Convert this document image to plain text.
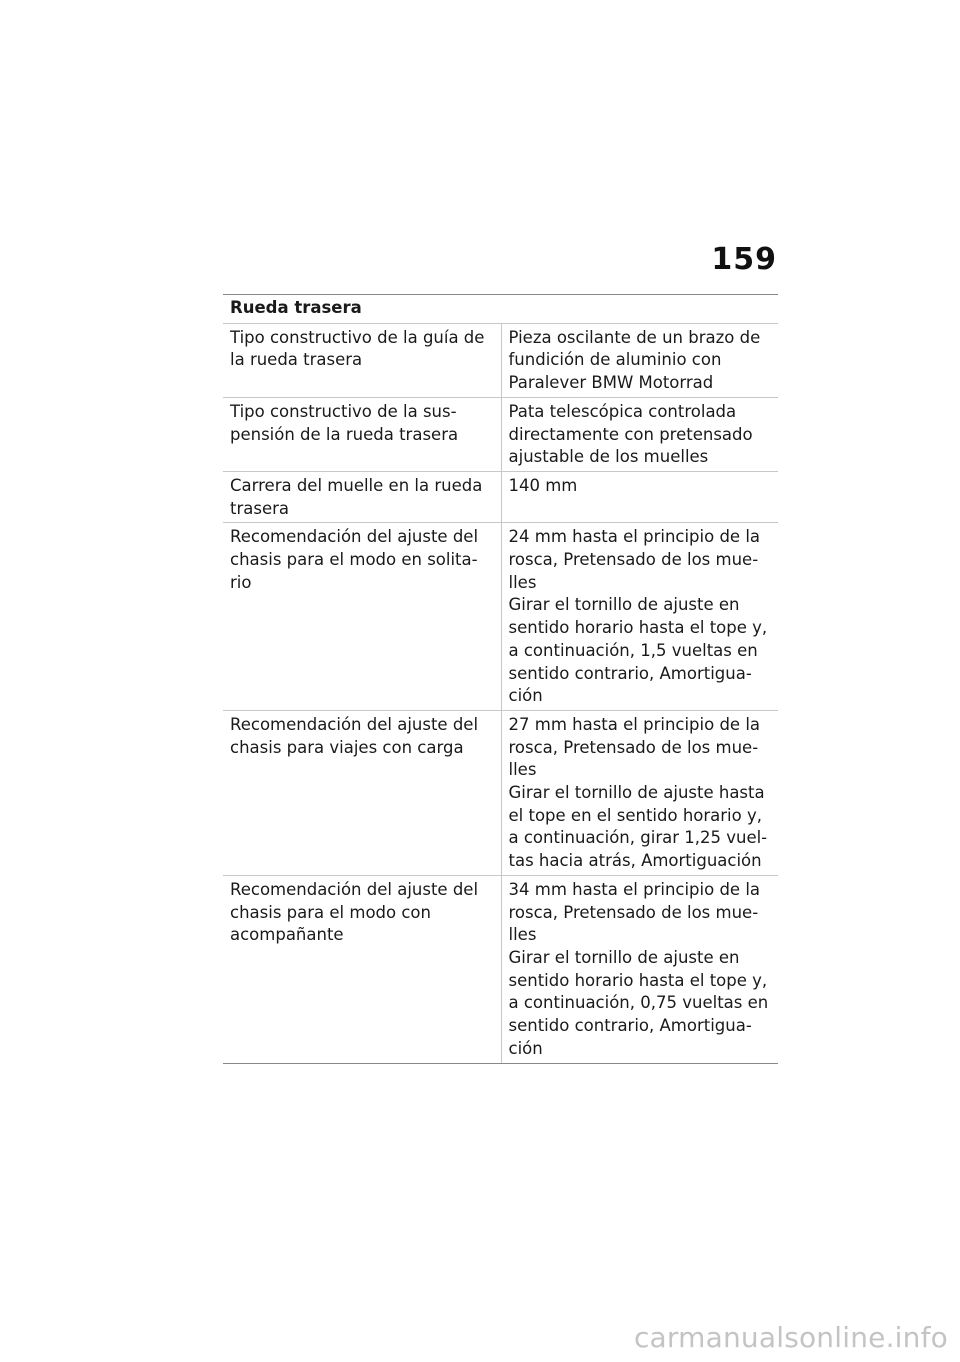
159
Rueda trasera	
Tipo constructivo de la guía de la rueda trasera	Pieza oscilante de un brazo de fundición de aluminio con Paralever BMW Motorrad

Tipo constructivo de la sus-pensión de la rueda trasera	Pata telescópica controlada directamente con pretensado ajustable de los muelles

Carrera del muelle en la rueda trasera	140 mm

Recomendación del ajuste del chasis para el modo en solita-rio	24 mm hasta el principio de la rosca, Pretensado de los mue-lles
Girar el tornillo de ajuste en sentido horario hasta el tope y, a continuación, 1,5 vueltas en sentido contrario, Amortigua-ción

Recomendación del ajuste del chasis para viajes con carga	27 mm hasta el principio de la rosca, Pretensado de los mue-lles
Girar el tornillo de ajuste hasta el tope en el sentido horario y, a continuación, girar 1,25 vuel-tas hacia atrás, Amortiguación

Recomendación del ajuste del chasis para el modo con acompañante	34 mm hasta el principio de la rosca, Pretensado de los mue-lles
Girar el tornillo de ajuste en sentido horario hasta el tope y, a continuación, 0,75 vueltas en sentido contrario, Amortigua-ción
carmanualsonline.info
